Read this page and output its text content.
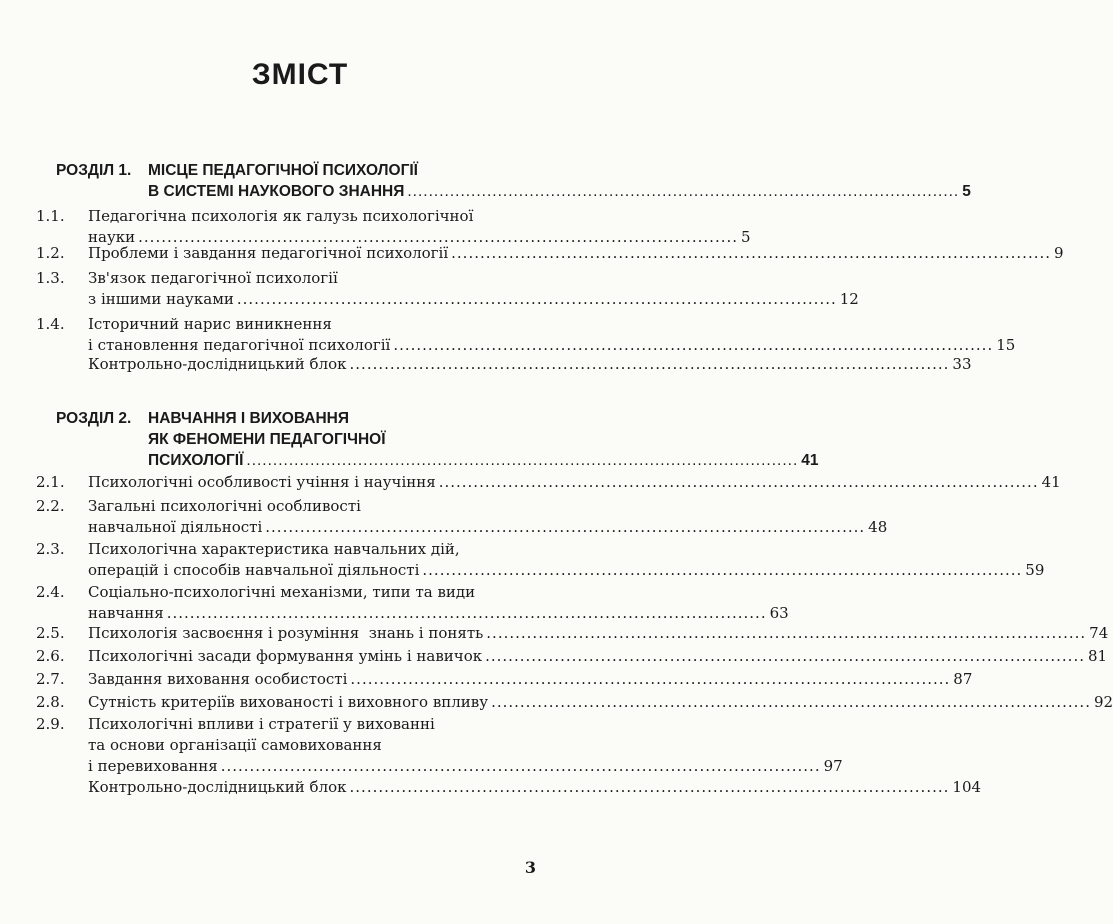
ЗМІСТ
РОЗДІЛ 1.	МІСЦЕ ПЕДАГОГІЧНОЇ ПСИХОЛОГІЇ
В СИСТЕМІ НАУКОВОГО ЗНАННЯ ........................................................................................................ 5
1.1.	Педагогічна психологія як галузь психологічної
науки ........................................................................................................ 5
1.2.	Проблеми і завдання педагогічної психології ........................................................................................................ 9
1.3.	Зв'язок педагогічної психології
з іншими науками ........................................................................................................ 12
1.4.	Історичний нарис виникнення
і становлення педагогічної психології ........................................................................................................ 15
Контрольно-дослідницький блок ........................................................................................................ 33
РОЗДІЛ 2.	НАВЧАННЯ І ВИХОВАННЯ
ЯК ФЕНОМЕНИ ПЕДАГОГІЧНОЇ
ПСИХОЛОГІЇ ........................................................................................................ 41
2.1.	Психологічні особливості учіння і научіння ........................................................................................................ 41
2.2.	Загальні психологічні особливості
навчальної діяльності ........................................................................................................ 48
2.3.	Психологічна характеристика навчальних дій,
операцій і способів навчальної діяльності ........................................................................................................ 59
2.4.	Соціально-психологічні механізми, типи та види
навчання ........................................................................................................ 63
2.5.	Психологія засвоєння і розуміння  знань і понять ........................................................................................................ 74
2.6.	Психологічні засади формування умінь і навичок ........................................................................................................ 81
2.7.	Завдання виховання особистості ........................................................................................................ 87
2.8.	Сутність критеріїв вихованості і виховного впливу ........................................................................................................ 92
2.9.	Психологічні впливи і стратегії у вихованні
та основи організації самовиховання
і перевиховання ........................................................................................................ 97
Контрольно-дослідницький блок ........................................................................................................ 104
3
